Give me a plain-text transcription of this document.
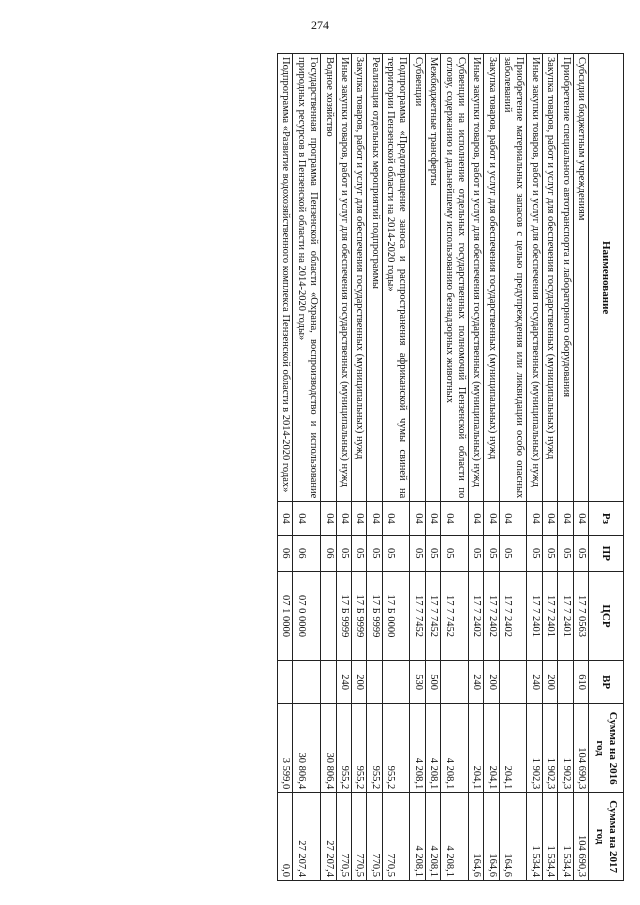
274
Наименование	Рз	ПР	ЦСР	ВР	Сумма на 2016 год	Сумма на 2017 год
Субсидии бюджетным учреждениям	04	05	17 7 0563	610	104 690,3	104 690,3
Приобретение специального автотранспорта и лабораторного оборудования	04	05	17 7 2401		1 902,3	1 534,4
Закупка товаров, работ и услуг для обеспечения государственных (муниципальных) нужд	04	05	17 7 2401	200	1 902,3	1 534,4
Иные закупки товаров, работ и услуг для обеспечения государственных (муниципальных) нужд	04	05	17 7 2401	240	1 902,3	1 534,4
Приобретение материальных запасов с целью предупреждения или ликвидации особо опасных заболеваний	04	05	17 7 2402		204,1	164,6
Закупка товаров, работ и услуг для обеспечения государственных (муниципальных) нужд	04	05	17 7 2402	200	204,1	164,6
Иные закупки товаров, работ и услуг для обеспечения государственных (муниципальных) нужд	04	05	17 7 2402	240	204,1	164,6
Субвенции на исполнение отдельных государственных полномочий Пензенской области по отлову, содержанию и дальнейшему использованию безнадзорных животных	04	05	17 7 7452		4 208,1	4 208,1
Межбюджетные трансферты	04	05	17 7 7452	500	4 208,1	4 208,1
Субвенции	04	05	17 7 7452	530	4 208,1	4 208,1
Подпрограмма «Предотвращение заноса и распространения африканской чумы свиней на территории Пензенской области на 2014-2020 годы»	04	05	17 Б 0000		955,2	770,5
Реализация отдельных мероприятий подпрограммы	04	05	17 Б 9999		955,2	770,5
Закупка товаров, работ и услуг для обеспечения государственных (муниципальных) нужд	04	05	17 Б 9999	200	955,2	770,5
Иные закупки товаров, работ и услуг для обеспечения государственных (муниципальных) нужд	04	05	17 Б 9999	240	955,2	770,5
Водное хозяйство	04	06			30 806,4	27 207,4
Государственная программа Пензенской области «Охрана, воспроизводство и использование природных ресурсов в Пензенской области на 2014-2020 годы»	04	06	07 0 0000		30 806,4	27 207,4
Подпрограмма «Развитие водохозяйственного комплекса Пензенской области в 2014-2020 годах»	04	06	07 1 0000		3 599,0	0,0
